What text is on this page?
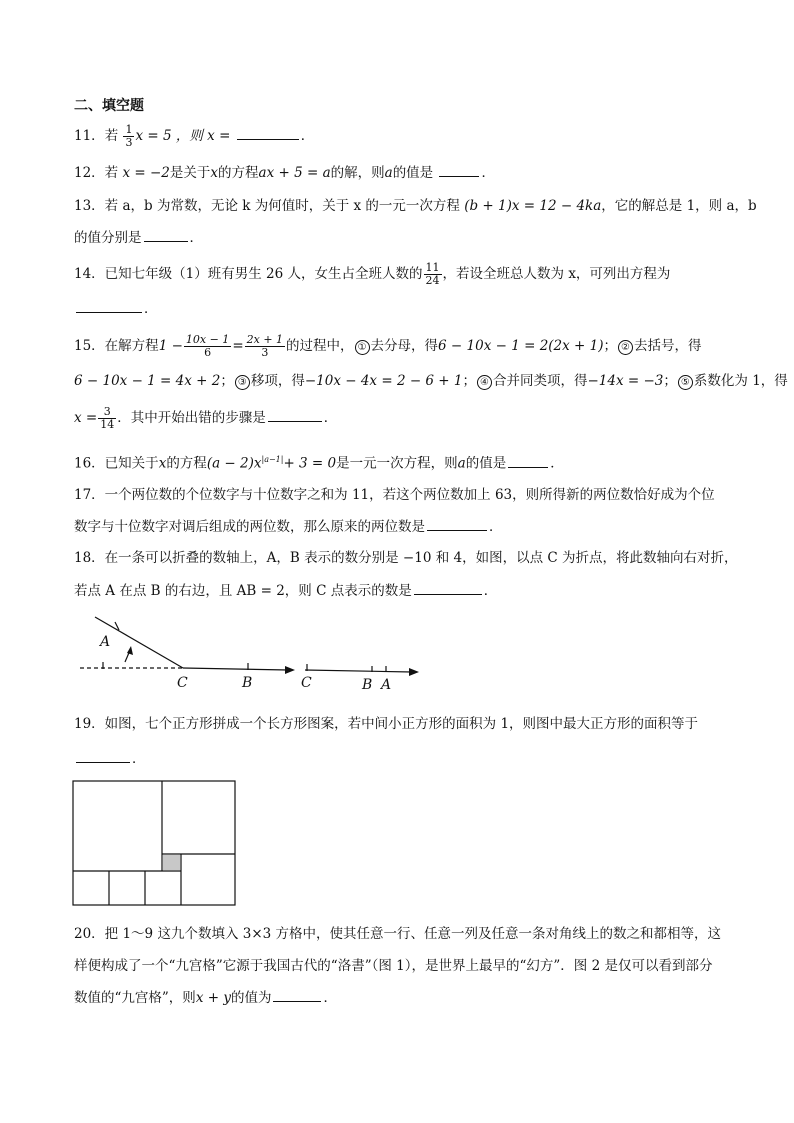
二、填空题
11．若 $\frac{1}{3}$ x = 5 ，则 x =	．
12．若 x = −2是关于x的方程ax + 5 = a的解，则a的值是	．
13．若 a，b 为常数，无论 k 为何值时，关于 x 的一元一次方程 (b + 1)x = 12 − 4ka，它的解总是 1，则 a，b
的值分别是	．
14．已知七年级（1）班有男生 26 人，女生占全班人数的 $\frac{11}{24}$ ，若设全班总人数为 x，可列出方程为
．
15．在解方程$1 - \frac{10x - 1}{6} = \frac{2x + 1}{3}$ 的过程中， ① 去分母，得6 − 10x − 1 = 2(2x + 1)； ② 去括号，得
6 − 10x − 1 = 4x + 2； ③ 移项，得−10x − 4x = 2 − 6 + 1； ④ 合并同类项，得−14x = −3； ⑤ 系数化为 1，得
$x = \frac{3}{14}$ ．其中开始出错的步骤是	．
16．已知关于x的方程$(a - 2)x^{|a-1|}+ 3 = 0$是一元一次方程，则a的值是	．
17．一个两位数的个位数字与十位数字之和为 11，若这个两位数加上 63，则所得新的两位数恰好成为个位
数字与十位数字对调后组成的两位数，那么原来的两位数是	．
18．在一条可以折叠的数轴上，A，B 表示的数分别是 −10 和 4，如图，以点 C 为折点，将此数轴向右对折，
若点 A 在点 B 的右边，且 AB = 2，则 C 点表示的数是	．
A
C	B	C	B A
19．如图，七个正方形拼成一个长方形图案，若中间小正方形的面积为 1，则图中最大正方形的面积等于
．
20．把 1～9 这九个数填入 3×3 方格中，使其任意一行、任意一列及任意一条对角线上的数之和都相等，这
样便构成了一个“九宫格”它源于我国古代的“洛書”（图 1），是世界上最早的“幻方”．图 2 是仅可以看到部分
数值的“九宫格”，则x + y的值为	．
